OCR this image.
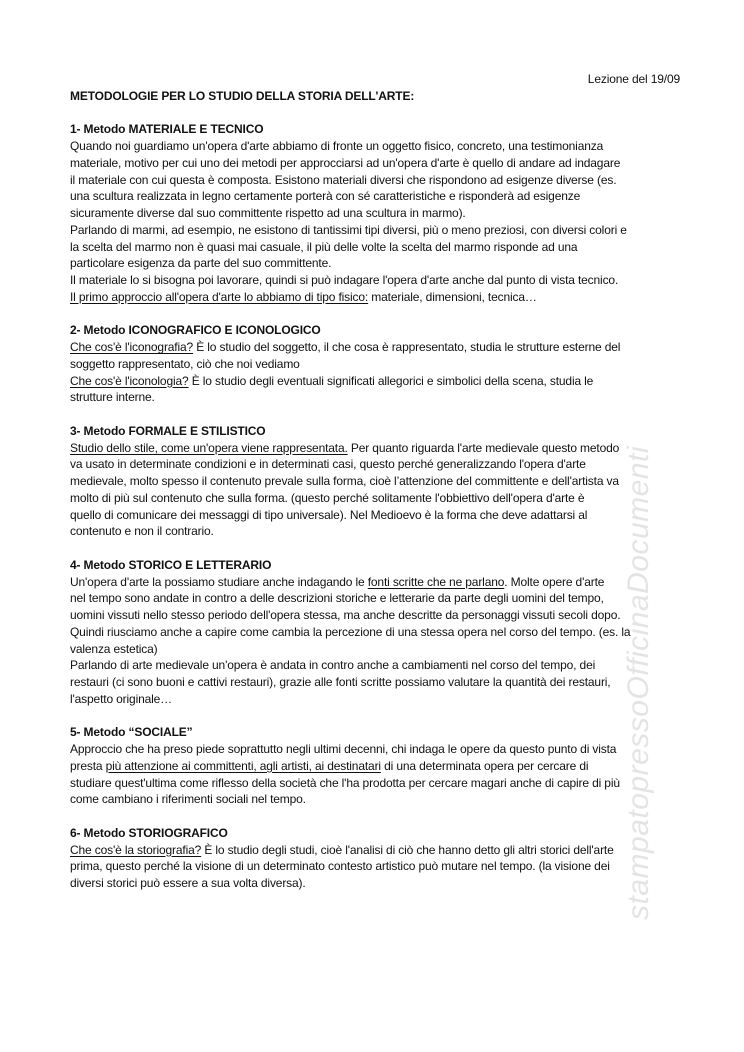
stampatopressoOfficinaDocumenti
Lezione del 19/09
METODOLOGIE PER LO STUDIO DELLA STORIA DELL'ARTE:
1- Metodo MATERIALE E TECNICO
Quando noi guardiamo un'opera d'arte abbiamo di fronte un oggetto fisico, concreto, una testimonianza
materiale, motivo per cui uno dei metodi per approcciarsi ad un'opera d'arte è quello di andare ad indagare
il materiale con cui questa è composta. Esistono materiali diversi che rispondono ad esigenze diverse (es.
una scultura realizzata in legno certamente porterà con sé caratteristiche e risponderà ad esigenze
sicuramente diverse dal suo committente rispetto ad una scultura in marmo).
Parlando di marmi, ad esempio, ne esistono di tantissimi tipi diversi, più o meno preziosi, con diversi colori e
la scelta del marmo non è quasi mai casuale, il più delle volte la scelta del marmo risponde ad una
particolare esigenza da parte del suo committente.
Il materiale lo si bisogna poi lavorare, quindi si può indagare l'opera d'arte anche dal punto di vista tecnico.
Il primo approccio all'opera d'arte lo abbiamo di tipo fisico: materiale, dimensioni, tecnica…
2- Metodo ICONOGRAFICO E ICONOLOGICO
Che cos'è l'iconografia? È lo studio del soggetto, il che cosa è rappresentato, studia le strutture esterne del
soggetto rappresentato, ciò che noi vediamo
Che cos'è l'iconologia? È lo studio degli eventuali significati allegorici e simbolici della scena, studia le
strutture interne.
3- Metodo FORMALE E STILISTICO
Studio dello stile, come un'opera viene rappresentata. Per quanto riguarda l'arte medievale questo metodo
va usato in determinate condizioni e in determinati casi, questo perché generalizzando l'opera d'arte
medievale, molto spesso il contenuto prevale sulla forma, cioè l’attenzione del committente e dell'artista va
molto di più sul contenuto che sulla forma. (questo perché solitamente l'obbiettivo dell'opera d'arte è
quello di comunicare dei messaggi di tipo universale). Nel Medioevo è la forma che deve adattarsi al
contenuto e non il contrario.
4- Metodo STORICO E LETTERARIO
Un'opera d'arte la possiamo studiare anche indagando le fonti scritte che ne parlano. Molte opere d'arte
nel tempo sono andate in contro a delle descrizioni storiche e letterarie da parte degli uomini del tempo,
uomini vissuti nello stesso periodo dell'opera stessa, ma anche descritte da personaggi vissuti secoli dopo.
Quindi riusciamo anche a capire come cambia la percezione di una stessa opera nel corso del tempo. (es. la
valenza estetica)
Parlando di arte medievale un'opera è andata in contro anche a cambiamenti nel corso del tempo, dei
restauri (ci sono buoni e cattivi restauri), grazie alle fonti scritte possiamo valutare la quantità dei restauri,
l'aspetto originale…
5- Metodo “SOCIALE”
Approccio che ha preso piede soprattutto negli ultimi decenni, chi indaga le opere da questo punto di vista
presta più attenzione ai committenti, agli artisti, ai destinatari di una determinata opera per cercare di
studiare quest'ultima come riflesso della società che l'ha prodotta per cercare magari anche di capire di più
come cambiano i riferimenti sociali nel tempo.
6- Metodo STORIOGRAFICO
Che cos'è la storiografia? È lo studio degli studi, cioè l'analisi di ciò che hanno detto gli altri storici dell'arte
prima, questo perché la visione di un determinato contesto artistico può mutare nel tempo. (la visione dei
diversi storici può essere a sua volta diversa).
